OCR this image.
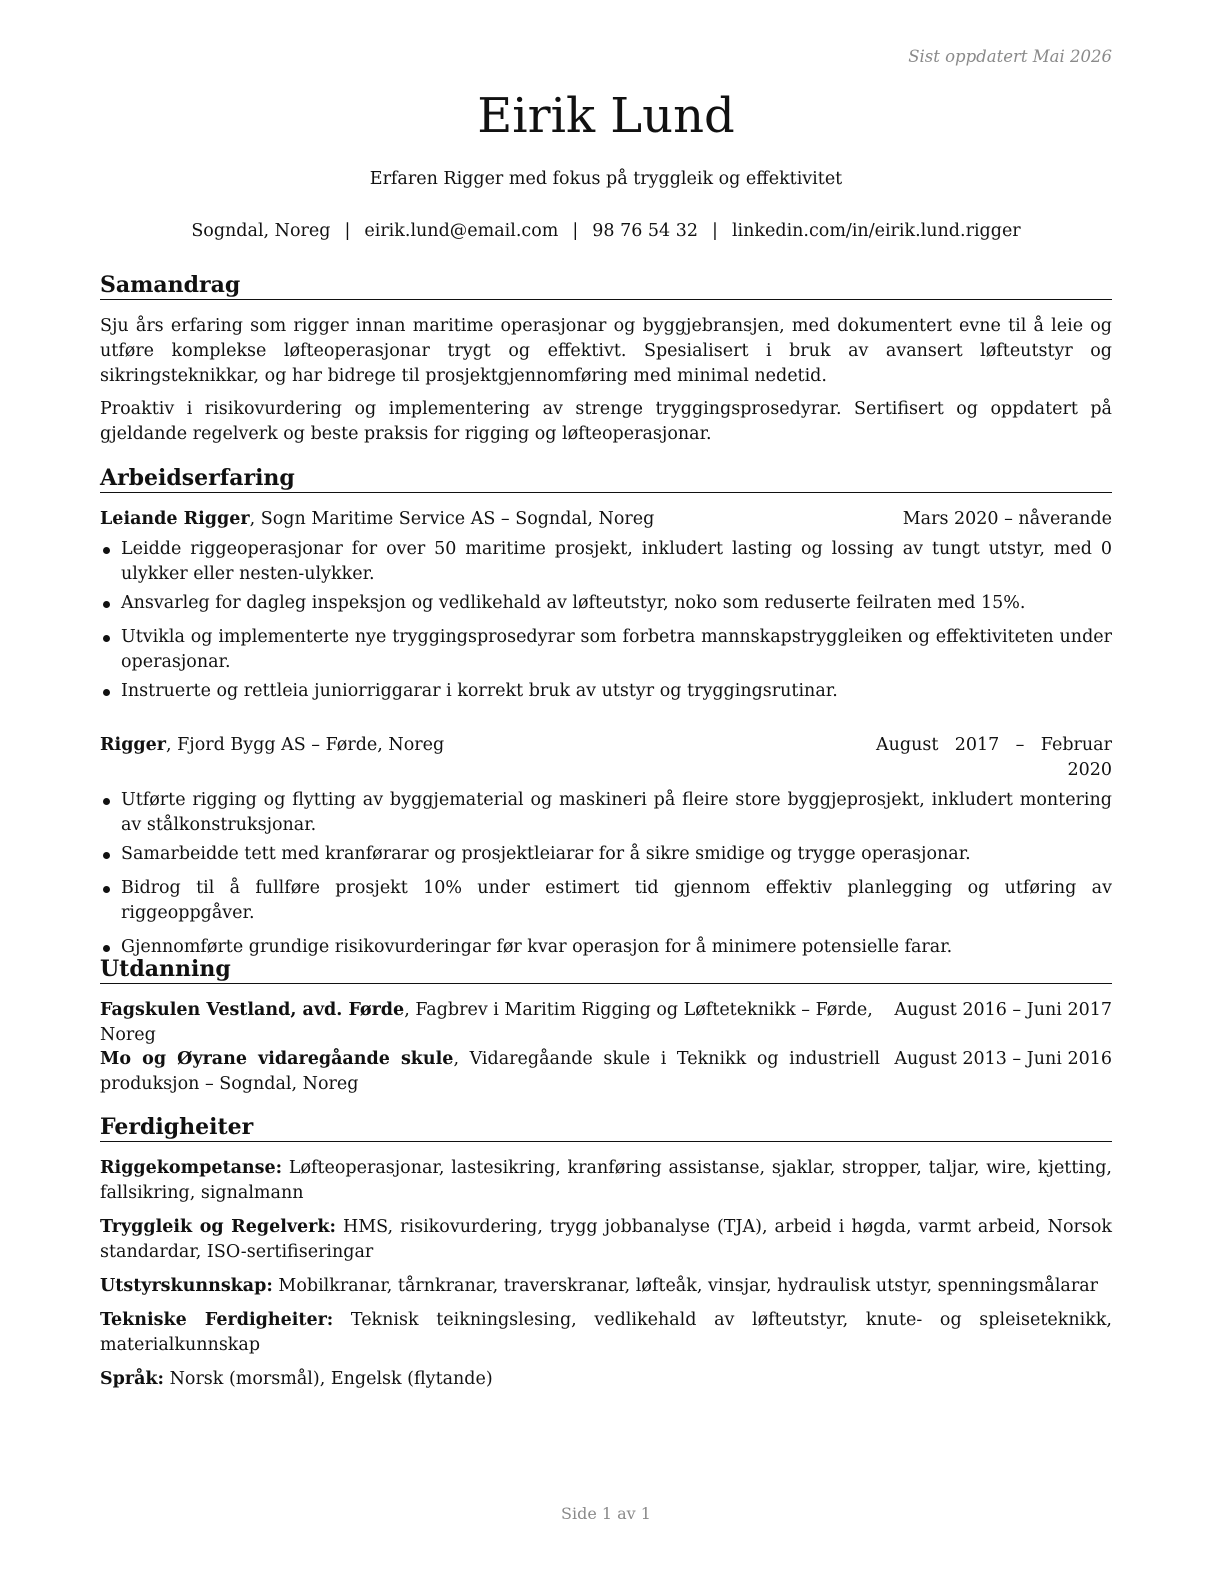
Sist oppdatert Mai 2026
Eirik Lund
Erfaren Rigger med fokus på tryggleik og effektivitet
Sogndal, Noreg | eirik.lund@email.com | 98 76 54 32 | linkedin.com/in/eirik.lund.rigger
Samandrag

Sju års erfaring som rigger innan maritime operasjonar og byggjebransjen, med dokumentert evne til å leie og utføre komplekse løfteoperasjonar trygt og effektivt. Spesialisert i bruk av avansert løfteutstyr og sikringsteknikkar, og har bidrege til prosjektgjennomføring med minimal nedetid.

Proaktiv i risikovurdering og implementering av strenge tryggingsprosedyrar. Sertifisert og oppdatert på gjeldande regelverk og beste praksis for rigging og løfteoperasjonar.

Arbeidserfaring
Leiande Rigger, Sogn Maritime Service AS – Sogndal, Noreg	Mars 2020 – nåverande
Leidde riggeoperasjonar for over 50 maritime prosjekt, inkludert lasting og lossing av tungt utstyr, med 0 ulykker eller nesten-ulykker.
Ansvarleg for dagleg inspeksjon og vedlikehald av løfteutstyr, noko som reduserte feilraten med 15%.
Utvikla og implementerte nye tryggingsprosedyrar som forbetra mannskapstryggleiken og effektiviteten under operasjonar.
Instruerte og rettleia juniorriggarar i korrekt bruk av utstyr og tryggingsrutinar.
Rigger, Fjord Bygg AS – Førde, Noreg	August 2017 – Februar 2020
Utførte rigging og flytting av byggjematerial og maskineri på fleire store byggjeprosjekt, inkludert montering av stålkonstruksjonar.
Samarbeidde tett med kranførarar og prosjektleiarar for å sikre smidige og trygge operasjonar.
Bidrog til å fullføre prosjekt 10% under estimert tid gjennom effektiv planlegging og utføring av riggeoppgåver.
Gjennomførte grundige risikovurderingar før kvar operasjon for å minimere potensielle farar.
Utdanning
Fagskulen Vestland, avd. Førde, Fagbrev i Maritim Rigging og Løfteteknikk – Førde, Noreg
August 2016 – Juni 2017
Mo og Øyrane vidaregåande skule, Vidaregåande skule i Teknikk og industriell produksjon – Sogndal, Noreg
August 2013 – Juni 2016
Ferdigheiter
Riggekompetanse: Løfteoperasjonar, lastesikring, kranføring assistanse, sjaklar, stropper, taljar, wire, kjetting, fallsikring, signalmann
Tryggleik og Regelverk: HMS, risikovurdering, trygg jobbanalyse (TJA), arbeid i høgda, varmt arbeid, Norsok standardar, ISO-sertifiseringar
Utstyrskunnskap: Mobilkranar, tårnkranar, traverskranar, løfteåk, vinsjar, hydraulisk utstyr, spenningsmålarar
Tekniske Ferdigheiter: Teknisk teikningslesing, vedlikehald av løfteutstyr, knute- og spleiseteknikk, materialkunnskap
Språk: Norsk (morsmål), Engelsk (flytande)
Side 1 av 1
